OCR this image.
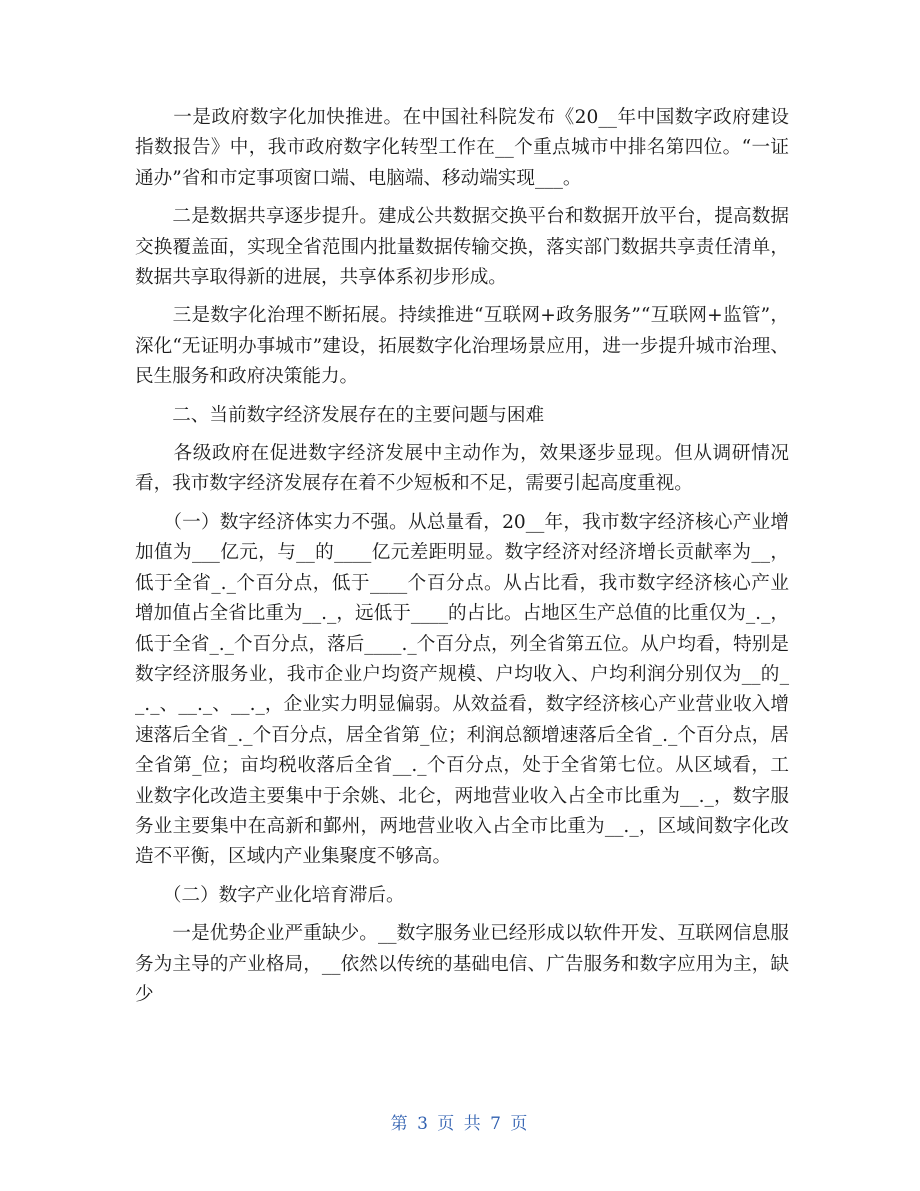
　　一是政府数字化加快推进。在中国社科院发布《20__年中国数字政府建设指数报告》中，我市政府数字化转型工作在__个重点城市中排名第四位。“一证通办”省和市定事项窗口端、电脑端、移动端实现___。

　　二是数据共享逐步提升。建成公共数据交换平台和数据开放平台，提高数据交换覆盖面，实现全省范围内批量数据传输交换，落实部门数据共享责任清单，数据共享取得新的进展，共享体系初步形成。

　　三是数字化治理不断拓展。持续推进“互联网+政务服务”“互联网+监管”，深化“无证明办事城市”建设，拓展数字化治理场景应用，进一步提升城市治理、民生服务和政府决策能力。

　　二、当前数字经济发展存在的主要问题与困难

　　各级政府在促进数字经济发展中主动作为，效果逐步显现。但从调研情况看，我市数字经济发展存在着不少短板和不足，需要引起高度重视。

　　（一）数字经济体实力不强。从总量看，20__年，我市数字经济核心产业增加值为___亿元，与__的____亿元差距明显。数字经济对经济增长贡献率为__，低于全省_._个百分点，低于____个百分点。从占比看，我市数字经济核心产业增加值占全省比重为__._，远低于____的占比。占地区生产总值的比重仅为_._，低于全省_._个百分点，落后____._个百分点，列全省第五位。从户均看，特别是数字经济服务业，我市企业户均资产规模、户均收入、户均利润分别仅为__的__._、__._、__._，企业实力明显偏弱。从效益看，数字经济核心产业营业收入增速落后全省_._个百分点，居全省第_位；利润总额增速落后全省_._个百分点，居全省第_位；亩均税收落后全省__._个百分点，处于全省第七位。从区域看，工业数字化改造主要集中于余姚、北仑，两地营业收入占全市比重为__._，数字服务业主要集中在高新和鄞州，两地营业收入占全市比重为__._，区域间数字化改造不平衡，区域内产业集聚度不够高。

　　（二）数字产业化培育滞后。

　　一是优势企业严重缺少。__数字服务业已经形成以软件开发、互联网信息服务为主导的产业格局，__依然以传统的基础电信、广告服务和数字应用为主，缺少

第 3 页 共 7 页
